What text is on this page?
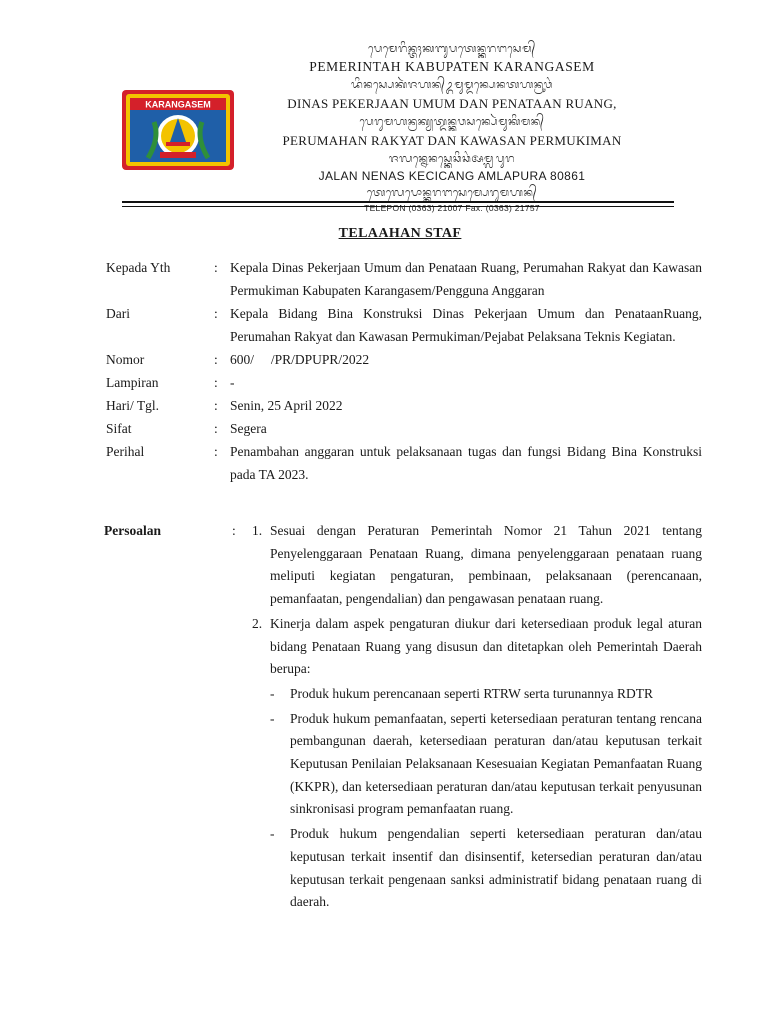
KARANGASEM
ᬧᬾᬫᬾᬭᬶᬦ᭄ᬢᬄᬓᬩᬸᬧᬢᬾᬦ᭄ᬓᬭᬗᬲᬾᬫ᭄
PEMERINTAH KABUPATEN KARANGASEM
ᬤᬶᬦᬲ᭄ᬧᬾᬓᬃᬚᬳᬦ᭄ᬉᬫᬸᬫ᭄ᬤᬦ᭄ᬧᬾᬦᬢᬳᬦ᭄ᬭᬸᬯᬂ
DINAS PEKERJAAN UMUM DAN PENATAAN RUANG,
ᬧᬾᬭᬸᬫᬳᬦ᭄ᬭᬓ᭄ᬬᬢ᭄ᬤᬦ᭄ᬓᬯᬲᬦ᭄ᬧᬾᬃᬫᬸᬓᬶᬫᬦ᭄
PERUMAHAN RAKYAT DAN KAWASAN PERMUKIMAN
ᬚᬮᬦ᭄ᬦᬾᬦᬲ᭄ᬓᬾᬘᬶᬘᬂᬅᬫ᭄ᬮᬧᬸᬭ
JALAN NENAS KECICANG AMLAPURA 80861
ᬢᬾᬮᬾᬧᭀᬦ᭄ᬓᬭᬗᬲᬾᬫ᭄ᬧᬾᬭᬸᬫᬳᬦ᭄
TELEPON (0363) 21007 Fax. (0363) 21757
TELAAHAN STAF
Kepada Yth	: Kepala Dinas Pekerjaan Umum dan Penataan Ruang, Perumahan Rakyat dan Kawasan Permukiman Kabupaten Karangasem/Pengguna Anggaran
Dari	: Kepala Bidang Bina Konstruksi Dinas Pekerjaan Umum dan PenataanRuang, Perumahan Rakyat dan Kawasan Permukiman/Pejabat Pelaksana Teknis Kegiatan.
Nomor	: 600/     /PR/DPUPR/2022
Lampiran	: -
Hari/ Tgl.	: Senin, 25 April 2022
Sifat	: Segera
Perihal	: Penambahan anggaran untuk pelaksanaan tugas dan fungsi Bidang Bina Konstruksi pada TA 2023.
Persoalan	: 1. Sesuai dengan Peraturan Pemerintah Nomor 21 Tahun 2021 tentang Penyelenggaraan Penataan Ruang, dimana penyelenggaraan penataan ruang meliputi kegiatan pengaturan, pembinaan, pelaksanaan (perencanaan, pemanfaatan, pengendalian) dan pengawasan penataan ruang.
2. Kinerja dalam aspek pengaturan diukur dari ketersediaan produk legal aturan bidang Penataan Ruang yang disusun dan ditetapkan oleh Pemerintah Daerah berupa:
-	Produk hukum perencanaan seperti RTRW serta turunannya RDTR
-	Produk hukum pemanfaatan, seperti ketersediaan peraturan tentang rencana pembangunan daerah, ketersediaan peraturan dan/atau keputusan terkait Keputusan Penilaian Pelaksanaan Kesesuaian Kegiatan Pemanfaatan Ruang (KKPR), dan ketersediaan peraturan dan/atau keputusan terkait penyusunan sinkronisasi program pemanfaatan ruang.
-	Produk hukum pengendalian seperti ketersediaan peraturan dan/atau keputusan terkait insentif dan disinsentif, ketersedian peraturan dan/atau keputusan terkait pengenaan sanksi administratif bidang penataan ruang di daerah.
